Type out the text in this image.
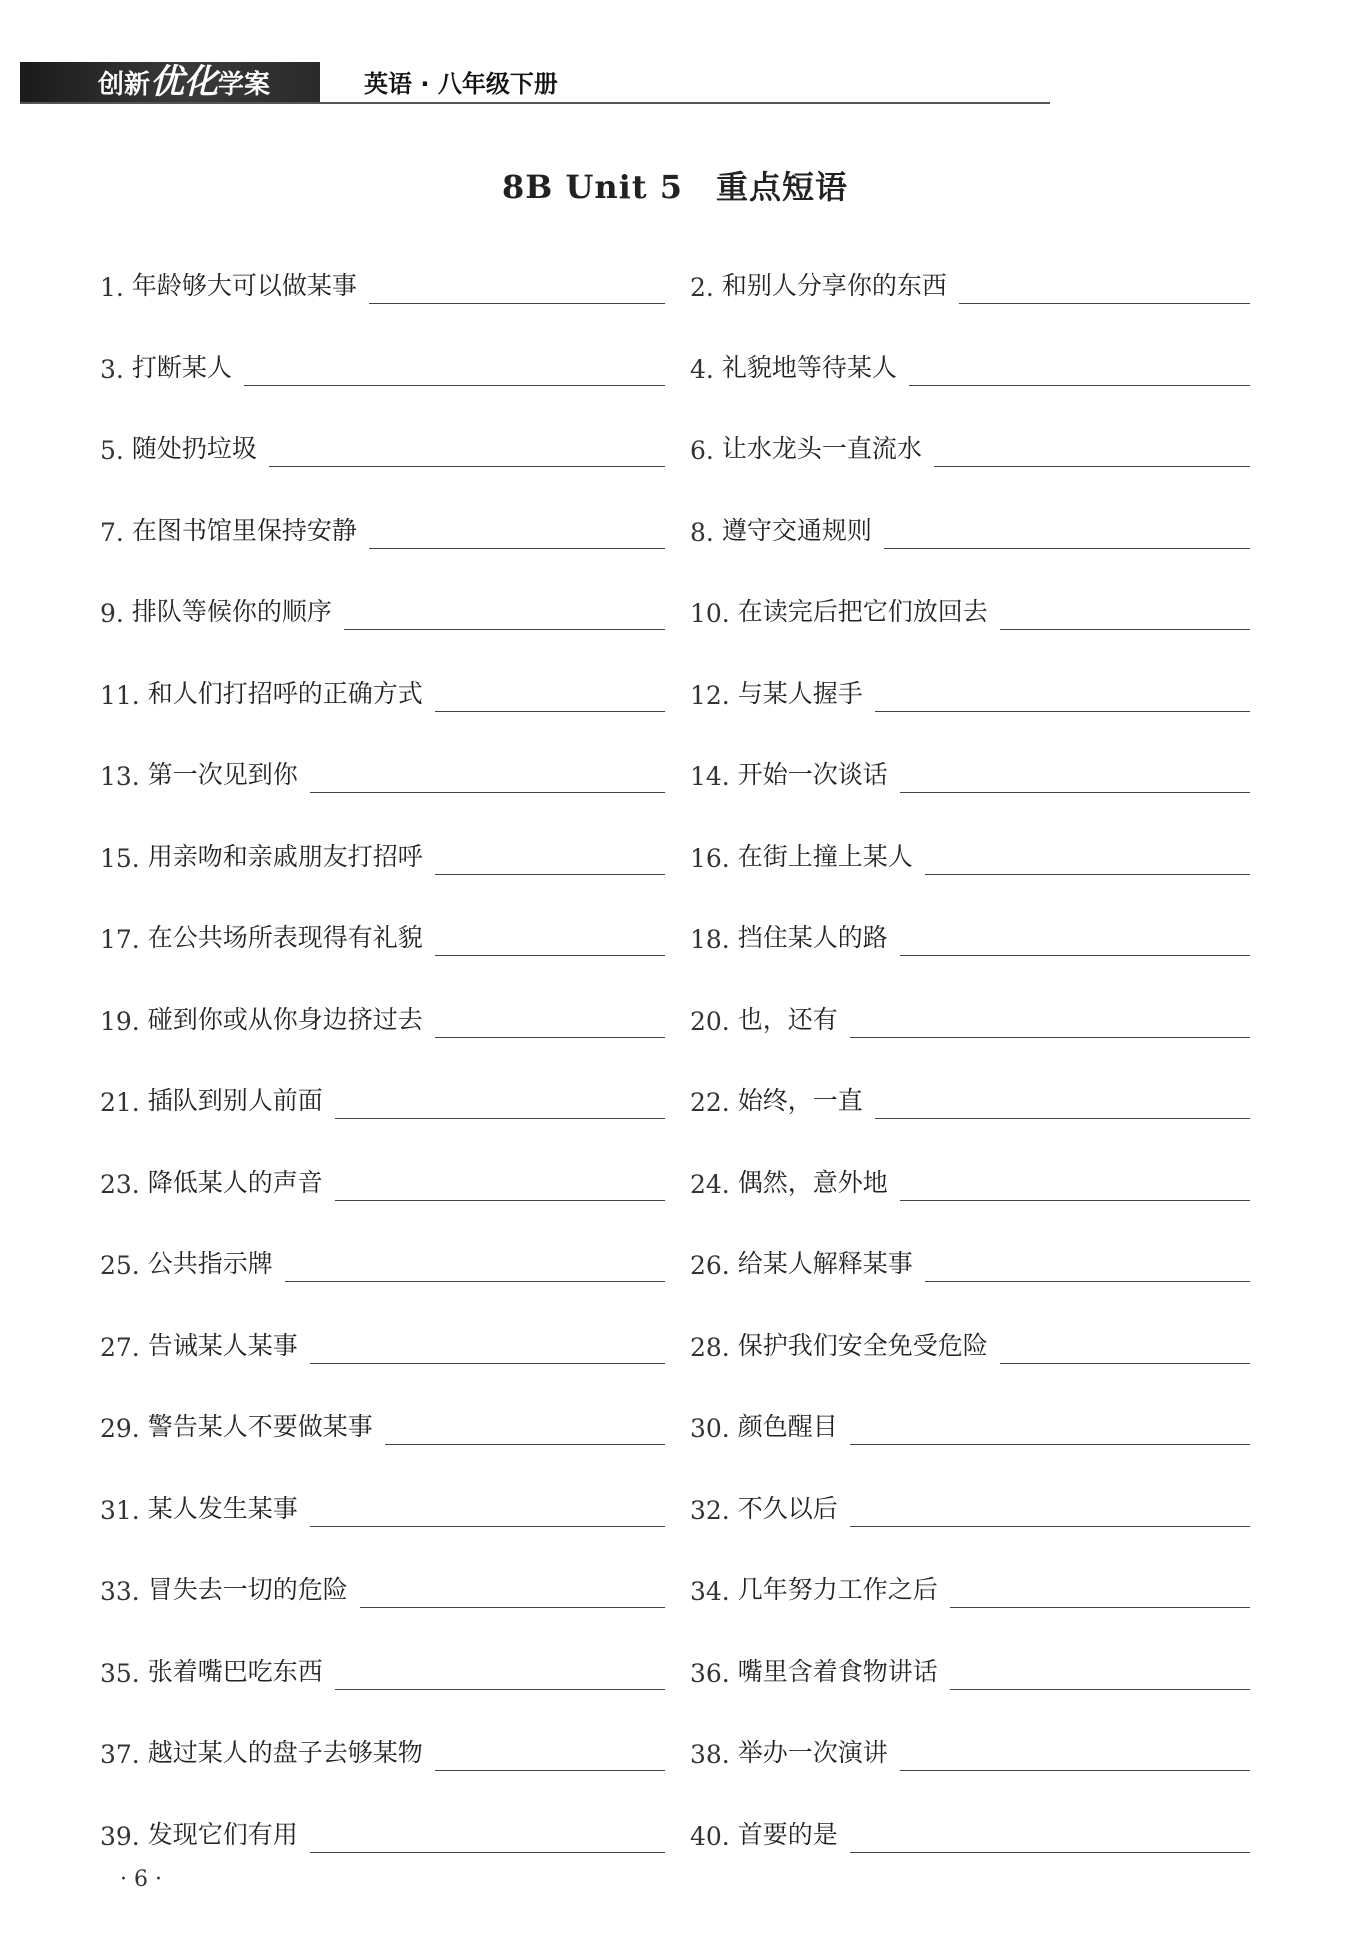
创新优化学案	英语 · 八年级下册
8B Unit 5　重点短语
1. 年龄够大可以做某事	2. 和别人分享你的东西
3. 打断某人	4. 礼貌地等待某人
5. 随处扔垃圾	6. 让水龙头一直流水
7. 在图书馆里保持安静	8. 遵守交通规则
9. 排队等候你的顺序	10. 在读完后把它们放回去
11. 和人们打招呼的正确方式	12. 与某人握手
13. 第一次见到你	14. 开始一次谈话
15. 用亲吻和亲戚朋友打招呼	16. 在街上撞上某人
17. 在公共场所表现得有礼貌	18. 挡住某人的路
19. 碰到你或从你身边挤过去	20. 也，还有
21. 插队到别人前面	22. 始终，一直
23. 降低某人的声音	24. 偶然，意外地
25. 公共指示牌	26. 给某人解释某事
27. 告诫某人某事	28. 保护我们安全免受危险
29. 警告某人不要做某事	30. 颜色醒目
31. 某人发生某事	32. 不久以后
33. 冒失去一切的危险	34. 几年努力工作之后
35. 张着嘴巴吃东西	36. 嘴里含着食物讲话
37. 越过某人的盘子去够某物	38. 举办一次演讲
39. 发现它们有用	40. 首要的是
· 6 ·
